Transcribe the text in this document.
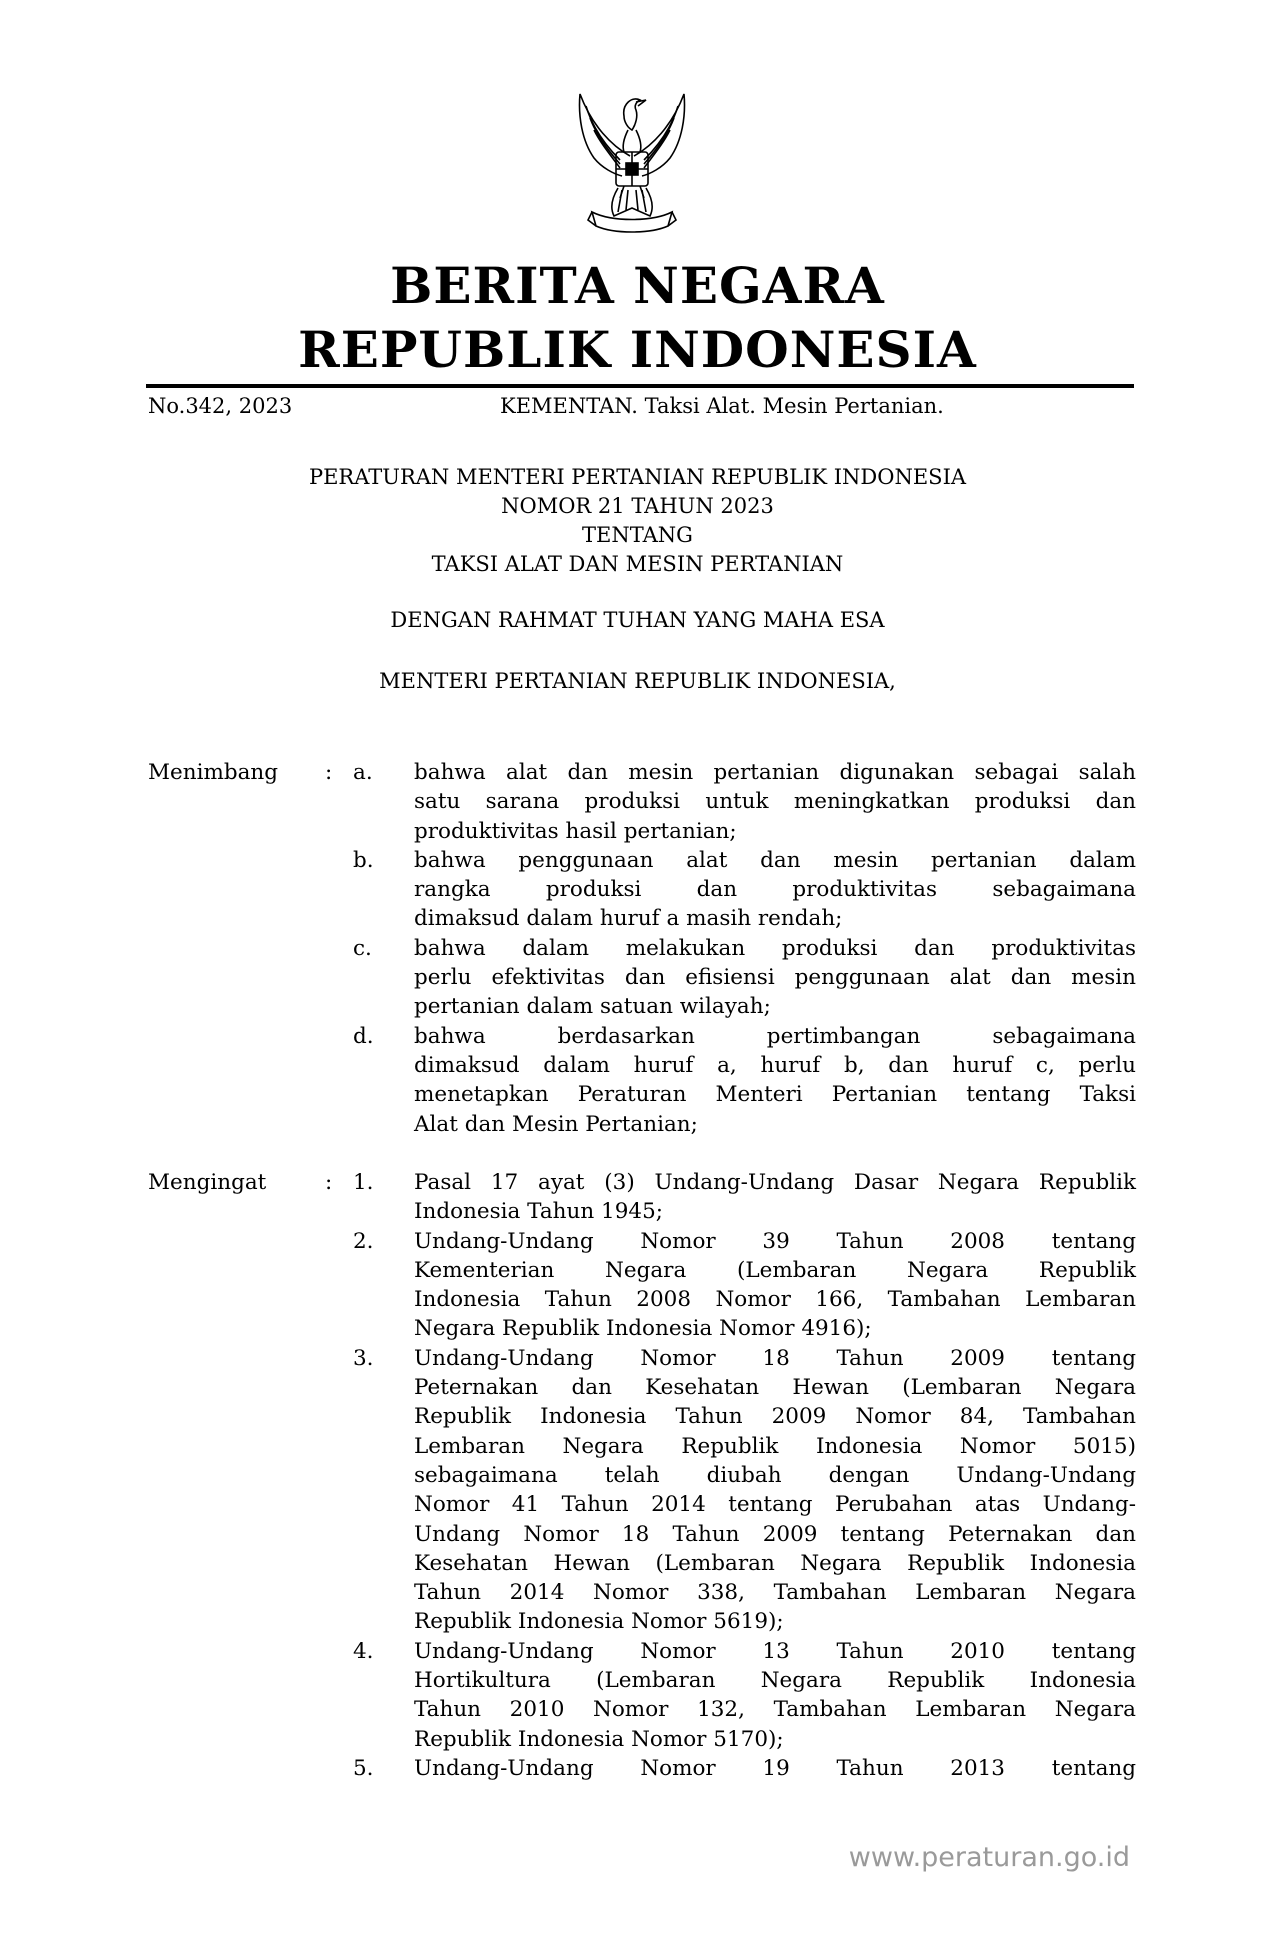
BERITA NEGARA
REPUBLIK INDONESIA
No.342, 2023	KEMENTAN. Taksi Alat. Mesin Pertanian.
PERATURAN MENTERI PERTANIAN REPUBLIK INDONESIA
NOMOR 21 TAHUN 2023
TENTANG
TAKSI ALAT DAN MESIN PERTANIAN
DENGAN RAHMAT TUHAN YANG MAHA ESA
MENTERI PERTANIAN REPUBLIK INDONESIA,
Menimbang : a.	bahwa alat dan mesin pertanian digunakan sebagai salah
satu sarana produksi untuk meningkatkan produksi dan
produktivitas hasil pertanian;
b.	bahwa penggunaan alat dan mesin pertanian dalam
rangka produksi dan produktivitas sebagaimana
dimaksud dalam huruf a masih rendah;
c.	bahwa dalam melakukan produksi dan produktivitas
perlu efektivitas dan efisiensi penggunaan alat dan mesin
pertanian dalam satuan wilayah;
d.	bahwa berdasarkan pertimbangan sebagaimana
dimaksud dalam huruf a, huruf b, dan huruf c, perlu
menetapkan Peraturan Menteri Pertanian tentang Taksi
Alat dan Mesin Pertanian;
Mengingat	: 1.	Pasal 17 ayat (3) Undang-Undang Dasar Negara Republik
Indonesia Tahun 1945;
2.	Undang-Undang Nomor 39 Tahun 2008 tentang
Kementerian Negara (Lembaran Negara Republik
Indonesia Tahun 2008 Nomor 166, Tambahan Lembaran
Negara Republik Indonesia Nomor 4916);
3.	Undang-Undang Nomor 18 Tahun 2009 tentang
Peternakan dan Kesehatan Hewan (Lembaran Negara
Republik Indonesia Tahun 2009 Nomor 84, Tambahan
Lembaran Negara Republik Indonesia Nomor 5015)
sebagaimana telah diubah dengan Undang-Undang
Nomor 41 Tahun 2014 tentang Perubahan atas Undang-
Undang Nomor 18 Tahun 2009 tentang Peternakan dan
Kesehatan Hewan (Lembaran Negara Republik Indonesia
Tahun 2014 Nomor 338, Tambahan Lembaran Negara
Republik Indonesia Nomor 5619);
4.	Undang-Undang Nomor 13 Tahun 2010 tentang
Hortikultura (Lembaran Negara Republik Indonesia
Tahun 2010 Nomor 132, Tambahan Lembaran Negara
Republik Indonesia Nomor 5170);
5.	Undang-Undang Nomor 19 Tahun 2013 tentang
www.peraturan.go.id
